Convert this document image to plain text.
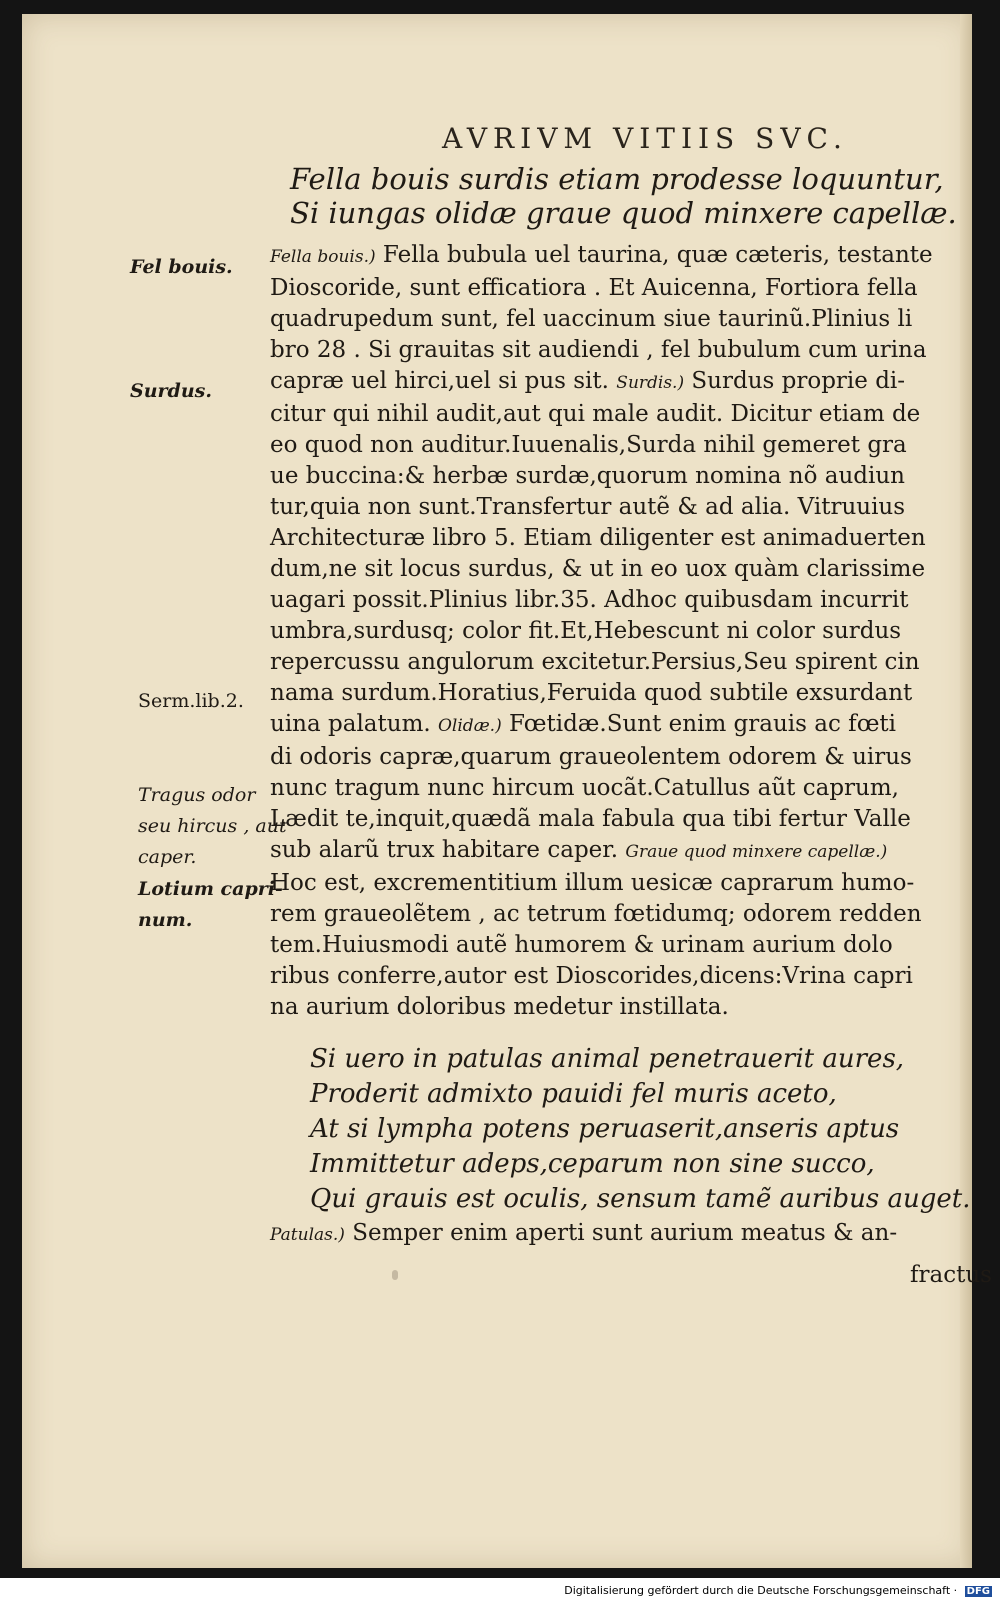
AVRIVM VITIIS SVC.
Fella bouis surdis etiam prodesse loquuntur,
Si iungas olidæ graue quod minxere capellæ.
Fel bouis.
Surdus.
Serm.lib.2.
Tragus odor
seu hircus , aut
caper.
Lotium capri-
num.
Fella bouis.) Fella bubula uel taurina, quæ cæteris, testante
Dioscoride, sunt efficatiora . Et Auicenna, Fortiora fella
quadrupedum sunt, fel uaccinum siue taurinũ.Plinius li
bro 28 . Si grauitas sit audiendi , fel bubulum cum urina
capræ uel hirci,uel si pus sit. Surdis.) Surdus proprie di-
citur qui nihil audit,aut qui male audit. Dicitur etiam de
eo quod non auditur.Iuuenalis,Surda nihil gemeret gra
ue buccina:& herbæ surdæ,quorum nomina nõ audiun
tur,quia non sunt.Transfertur autẽ & ad alia. Vitruuius
Architecturæ libro 5. Etiam diligenter est animaduerten
dum,ne sit locus surdus, & ut in eo uox quàm clarissime
uagari possit.Plinius libr.35. Adhoc quibusdam incurrit
umbra,surdusq; color fit.Et,Hebescunt ni color surdus
repercussu angulorum excitetur.Persius,Seu spirent cin
nama surdum.Horatius,Feruida quod subtile exsurdant
uina palatum. Olidæ.) Fœtidæ.Sunt enim grauis ac fœti
di odoris capræ,quarum graueolentem odorem & uirus
nunc tragum nunc hircum uocãt.Catullus aũt caprum,
Lædit te,inquit,quædã mala fabula qua tibi fertur Valle
sub alarũ trux habitare caper. Graue quod minxere capellæ.)
Hoc est, excrementitium illum uesicæ caprarum humo-
rem graueolẽtem , ac tetrum fœtidumq; odorem redden
tem.Huiusmodi autẽ humorem & urinam aurium dolo
ribus conferre,autor est Dioscorides,dicens:Vrina capri
na aurium doloribus medetur instillata.
Si uero in patulas animal penetrauerit aures,
Proderit admixto pauidi fel muris aceto,
At si lympha potens peruaserit,anseris aptus
Immittetur adeps,ceparum non sine succo,
Qui grauis est oculis, sensum tamẽ auribus auget.
Patulas.) Semper enim aperti sunt aurium meatus & an-
fractus
Digitalisierung gefördert durch die Deutsche Forschungsgemeinschaft · DFG
